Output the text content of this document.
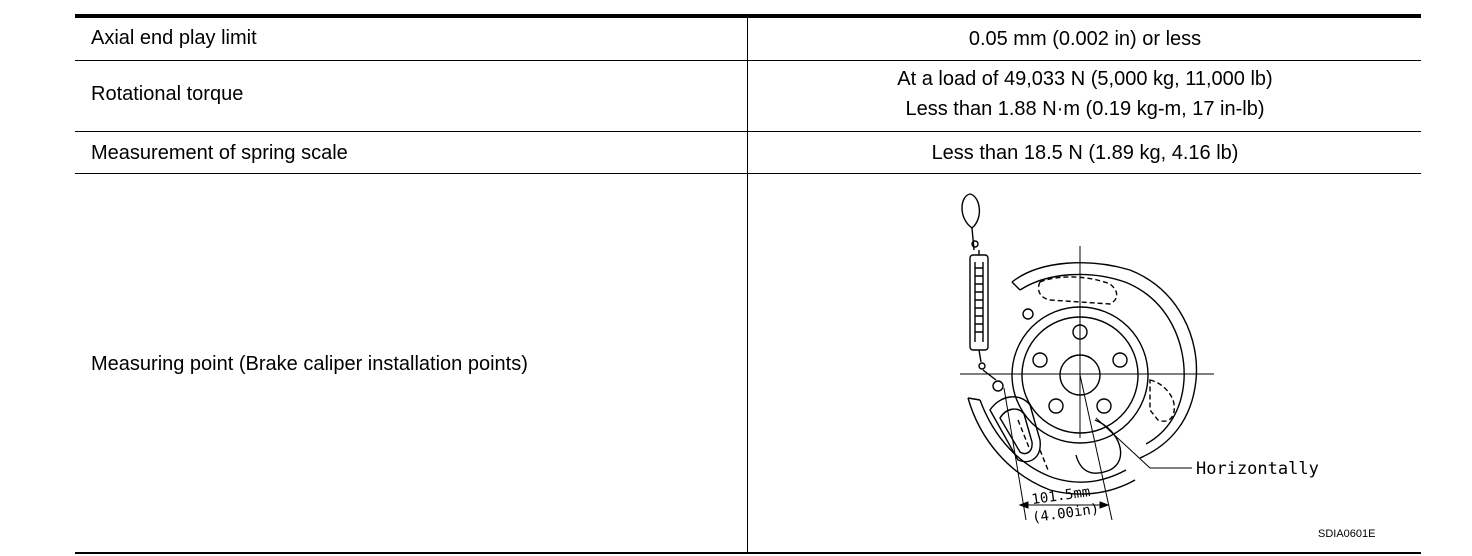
Axial end play limit	0.05 mm (0.002 in) or less
Rotational torque
At a load of 49,033 N (5,000 kg, 11,000 lb)
Less than 1.88 N·m (0.19 kg-m, 17 in-lb)
Measurement of spring scale	Less than 18.5 N (1.89 kg, 4.16 lb)
Measuring point (Brake caliper installation points)
Horizontally
101.5mm
(4.00in)
SDIA0601E
